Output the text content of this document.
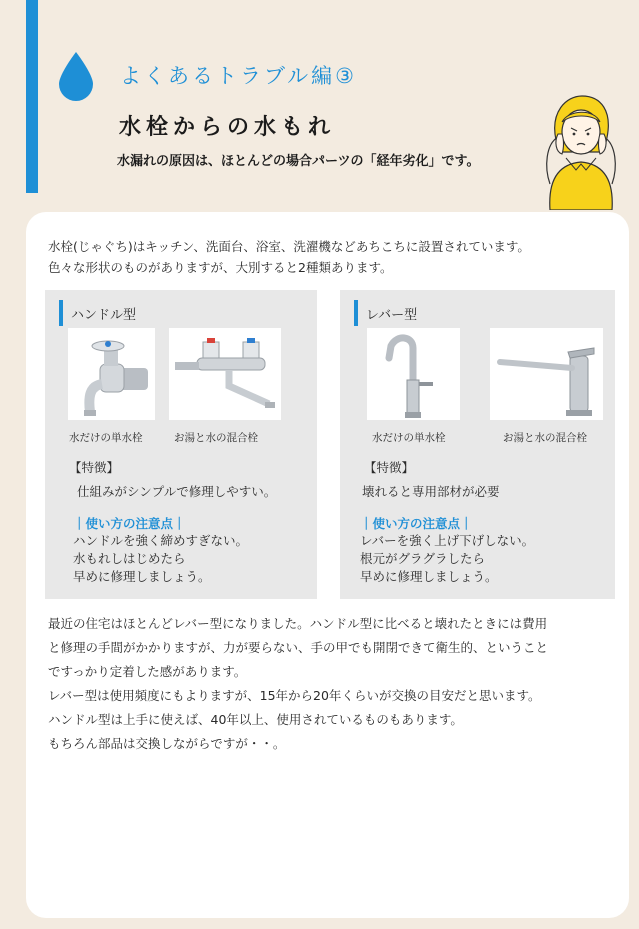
よくあるトラブル編③
水栓からの水もれ
水漏れの原因は、ほとんどの場合パーツの「経年劣化」です。
水栓(じゃぐち)はキッチン、洗面台、浴室、洗濯機などあちこちに設置されています。
色々な形状のものがありますが、大別すると2種類あります。
ハンドル型
水だけの単水栓	お湯と水の混合栓
【特徴】
仕組みがシンプルで修理しやすい。
｜使い方の注意点｜
ハンドルを強く締めすぎない。
水もれしはじめたら
早めに修理しましょう。
レバー型
水だけの単水栓	お湯と水の混合栓
【特徴】
壊れると専用部材が必要
｜使い方の注意点｜
レバーを強く上げ下げしない。
根元がグラグラしたら
早めに修理しましょう。

最近の住宅はほとんどレバー型になりました。ハンドル型に比べると壊れたときには費用

と修理の手間がかかりますが、力が要らない、手の甲でも開閉できて衛生的、ということ

ですっかり定着した感があります。

レバー型は使用頻度にもよりますが、15年から20年くらいが交換の目安だと思います。

ハンドル型は上手に使えば、40年以上、使用されているものもあります。

もちろん部品は交換しながらですが・・。
